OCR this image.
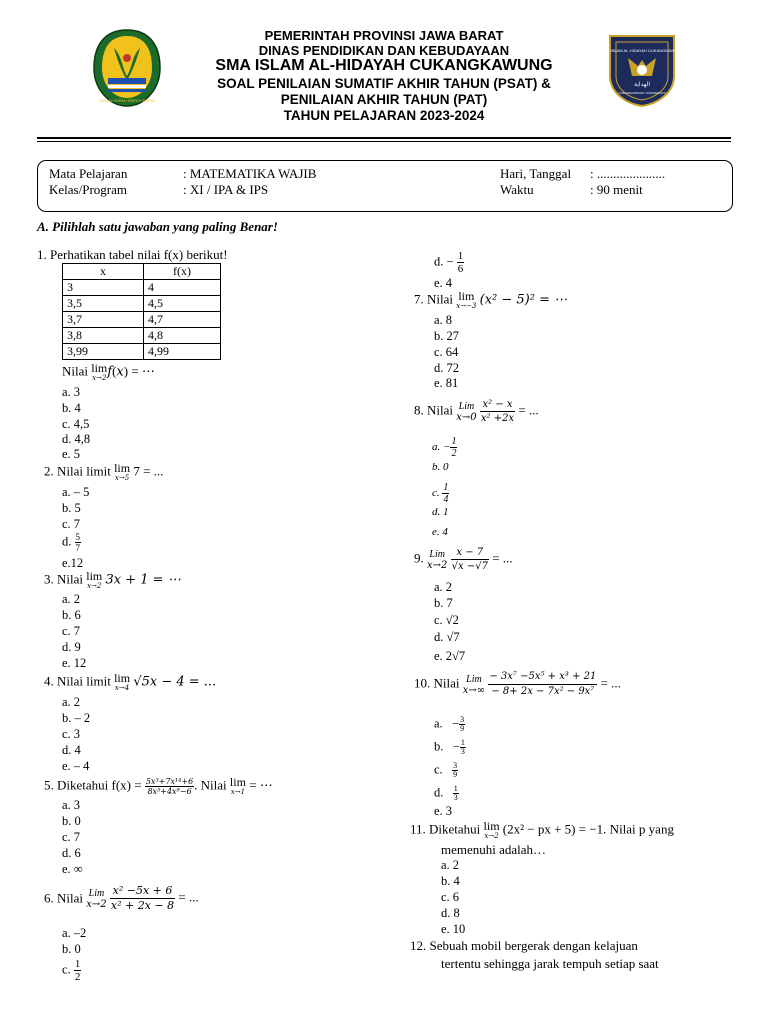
GEMAH RIPAH REPEH RAPIH
SMA ISLAM AL-HIDAYAH CUKANGKAWUNG
الهداية
CUKANGKAWUNG TASIKMALAYA
PEMERINTAH PROVINSI JAWA BARAT
DINAS PENDIDIKAN DAN KEBUDAYAAN
SMA ISLAM AL-HIDAYAH CUKANGKAWUNG
SOAL PENILAIAN SUMATIF AKHIR TAHUN (PSAT) &
PENILAIAN AKHIR TAHUN (PAT)
TAHUN PELAJARAN 2023-2024
Mata Pelajaran	: MATEMATIKA WAJIB
Kelas/Program	: XI / IPA & IPS
Hari, Tanggal : .....................
Waktu	: 90 menit
A. Pilihlah satu jawaban yang paling Benar!
1. Perhatikan tabel nilai f(x) berikut!
x	f(x)
3	4
3,5	4,5
3,7	4,7
3,8	4,8
3,99	4,99
Nilai lim
x→2 f(x) = ⋯
a. 3
b. 4
c. 4,5
d. 4,8
e. 5
2. Nilai limit lim
x→5 7 = ...
a. – 5
b. 5
c. 7
d. $\frac{5}{7}$
e.12
3. Nilai lim
x→2 3x + 1 = ⋯
a. 2
b. 6
c. 7
d. 9
e. 12
4. Nilai limit lim
x→4 √5x − 4 = ...
a. 2
b. – 2
c. 3
d. 4
e. – 4
5. Diketahui $f(x) = \frac{\text{5x³+7x¹⁴+6}}{\text{8x⁵+4x⁹−6}}$ . Nilai lim
x→1 = ⋯
a. 3
b. 0
c. 7
d. 6
e. ∞
6. Nilai Lim
x→2
$\frac{\text{x² −5x + 6}}{\text{x² + 2x − 8}}$ = ...
a. –2
b. 0
c. $\frac{1}{2}$
d. − $\frac{1}{6}$
e. 4
7. Nilai lim
x→−3 (x² − 5)² = ⋯
a. 8
b. 27
c. 64
d. 72
e. 81
8. Nilai Lim
x→0
$\frac{\text{x² − x}}{\text{x² +2x}}$ = ...
a. − $\frac{1}{2}$
b. 0
c. $\frac{1}{4}$
d. 1
e. 4
9. Lim
x→2
$\frac{x - 7}{√x -√7}$ = ...
a. 2
b. 7
c. √2
d. √7
e. 2√7
10. Nilai Lim
x→∞
$\frac{\text{− 3x⁷ −5x⁵ + x³ + 21}}{\text{− 8+ 2x − 7x² − 9x⁷}}$ = ...
a.   − $\frac{3}{9}$
b.   − $\frac{1}{3}$
c. $\frac{3}{9}$
d. $\frac{1}{3}$
e. 3
11. Diketahui lim
x→2 (2x² − px + 5) = −1. Nilai p yang
memenuhi adalah…
a. 2
b. 4
c. 6
d. 8
e. 10
12. Sebuah mobil bergerak dengan kelajuan
tertentu sehingga jarak tempuh setiap saat
